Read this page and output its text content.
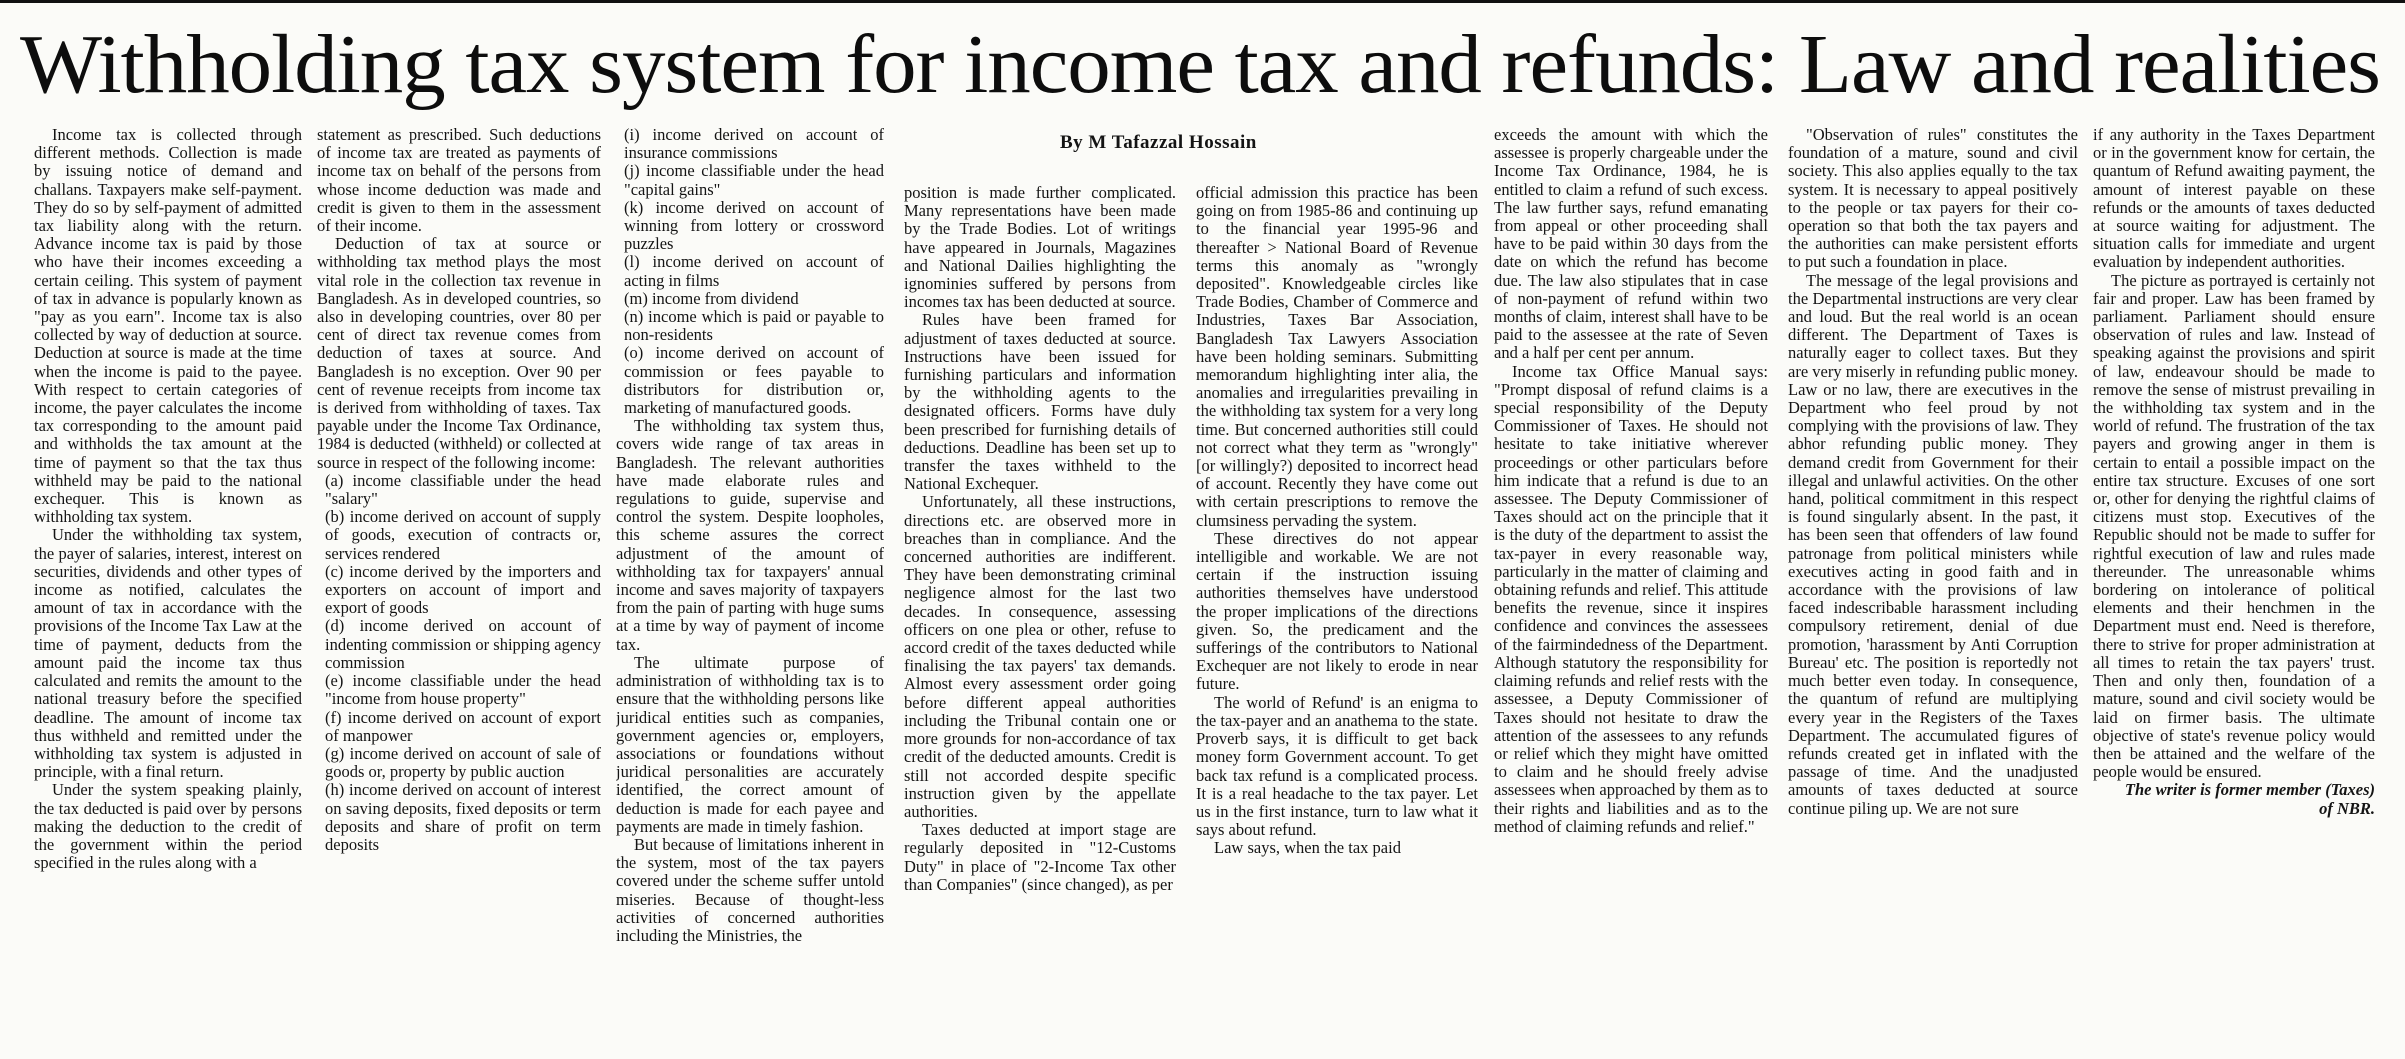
Withholding tax system for income tax and refunds: Law and realities
By M Tafazzal Hossain

Income tax is collected through different methods. Collection is made by issuing notice of demand and challans. Taxpayers make self-payment. They do so by self-payment of admitted tax liability along with the return. Advance income tax is paid by those who have their incomes exceeding a certain ceiling. This system of payment of tax in advance is popularly known as "pay as you earn". Income tax is also collected by way of deduction at source. Deduction at source is made at the time when the income is paid to the payee. With respect to certain categories of income, the payer calculates the income tax corresponding to the amount paid and withholds the tax amount at the time of payment so that the tax thus withheld may be paid to the national exchequer. This is known as withholding tax system.

Under the withholding tax system, the payer of salaries, interest, interest on securities, dividends and other types of income as notified, calculates the amount of tax in accordance with the provisions of the Income Tax Law at the time of payment, deducts from the amount paid the income tax thus calculated and remits the amount to the national treasury before the specified deadline. The amount of income tax thus withheld and remitted under the withholding tax system is adjusted in principle, with a final return.

Under the system speaking plainly, the tax deducted is paid over by persons making the deduction to the credit of the government within the period specified in the rules along with a

statement as prescribed. Such deductions of income tax are treated as payments of income tax on behalf of the persons from whose income deduction was made and credit is given to them in the assessment of their income.

Deduction of tax at source or withholding tax method plays the most vital role in the collection tax revenue in Bangladesh. As in developed countries, so also in developing countries, over 80 per cent of direct tax revenue comes from deduction of taxes at source. And Bangladesh is no exception. Over 90 per cent of revenue receipts from income tax is derived from withholding of taxes. Tax payable under the Income Tax Ordinance, 1984 is deducted (withheld) or collected at source in respect of the following income:

(a) income classifiable under the head "salary"

(b) income derived on account of supply of goods, execution of contracts or, services rendered

(c) income derived by the importers and exporters on account of import and export of goods

(d) income derived on account of indenting commission or shipping agency commission

(e) income classifiable under the head "income from house property"

(f) income derived on account of export of manpower

(g) income derived on account of sale of goods or, property by public auction

(h) income derived on account of interest on saving deposits, fixed deposits or term deposits and share of profit on term deposits

(i) income derived on account of insurance commissions

(j) income classifiable under the head "capital gains"

(k) income derived on account of winning from lottery or crossword puzzles

(l) income derived on account of acting in films

(m) income from dividend

(n) income which is paid or payable to non-residents

(o) income derived on account of commission or fees payable to distributors for distribution or, marketing of manufactured goods.

The withholding tax system thus, covers wide range of tax areas in Bangladesh. The relevant authorities have made elaborate rules and regulations to guide, supervise and control the system. Despite loopholes, this scheme assures the correct adjustment of the amount of withholding tax for taxpayers' annual income and saves majority of taxpayers from the pain of parting with huge sums at a time by way of payment of income tax.

The ultimate purpose of administration of withholding tax is to ensure that the withholding persons like juridical entities such as companies, government agencies or, employers, associations or foundations without juridical personalities are accurately identified, the correct amount of deduction is made for each payee and payments are made in timely fashion.

But because of limitations inherent in the system, most of the tax payers covered under the scheme suffer untold miseries. Because of thought-less activities of concerned authorities including the Ministries, the

position is made further complicated. Many representations have been made by the Trade Bodies. Lot of writings have appeared in Journals, Magazines and National Dailies highlighting the ignominies suffered by persons from incomes tax has been deducted at source.

Rules have been framed for adjustment of taxes deducted at source. Instructions have been issued for furnishing particulars and information by the withholding agents to the designated officers. Forms have duly been prescribed for furnishing details of deductions. Deadline has been set up to transfer the taxes withheld to the National Exchequer.

Unfortunately, all these instructions, directions etc. are observed more in breaches than in compliance. And the concerned authorities are indifferent. They have been demonstrating criminal negligence almost for the last two decades. In consequence, assessing officers on one plea or other, refuse to accord credit of the taxes deducted while finalising the tax payers' tax demands. Almost every assessment order going before different appeal authorities including the Tribunal contain one or more grounds for non-accordance of tax credit of the deducted amounts. Credit is still not accorded despite specific instruction given by the appellate authorities.

Taxes deducted at import stage are regularly deposited in "12-Customs Duty" in place of "2-Income Tax other than Companies" (since changed), as per

official admission this practice has been going on from 1985-86 and continuing up to the financial year 1995-96 and thereafter > National Board of Revenue terms this anomaly as "wrongly deposited". Knowledgeable circles like Trade Bodies, Chamber of Commerce and Industries, Taxes Bar Association, Bangladesh Tax Lawyers Association have been holding seminars. Submitting memorandum highlighting inter alia, the anomalies and irregularities prevailing in the withholding tax system for a very long time. But concerned authorities still could not correct what they term as "wrongly" [or willingly?) deposited to incorrect head of account. Recently they have come out with certain prescriptions to remove the clumsiness pervading the system.

These directives do not appear intelligible and workable. We are not certain if the instruction issuing authorities themselves have understood the proper implications of the directions given. So, the predicament and the sufferings of the contributors to National Exchequer are not likely to erode in near future.

The world of Refund' is an enigma to the tax-payer and an anathema to the state. Proverb says, it is difficult to get back money form Government account. To get back tax refund is a complicated process. It is a real headache to the tax payer. Let us in the first instance, turn to law what it says about refund.

Law says, when the tax paid

exceeds the amount with which the assessee is properly chargeable under the Income Tax Ordinance, 1984, he is entitled to claim a refund of such excess. The law further says, refund emanating from appeal or other proceeding shall have to be paid within 30 days from the date on which the refund has become due. The law also stipulates that in case of non-payment of refund within two months of claim, interest shall have to be paid to the assessee at the rate of Seven and a half per cent per annum.

Income tax Office Manual says: "Prompt disposal of refund claims is a special responsibility of the Deputy Commissioner of Taxes. He should not hesitate to take initiative wherever proceedings or other particulars before him indicate that a refund is due to an assessee. The Deputy Commissioner of Taxes should act on the principle that it is the duty of the department to assist the tax-payer in every reasonable way, particularly in the matter of claiming and obtaining refunds and relief. This attitude benefits the revenue, since it inspires confidence and convinces the assessees of the fairmindedness of the Department. Although statutory the responsibility for claiming refunds and relief rests with the assessee, a Deputy Commissioner of Taxes should not hesitate to draw the attention of the assessees to any refunds or relief which they might have omitted to claim and he should freely advise assessees when approached by them as to their rights and liabilities and as to the method of claiming refunds and relief."

"Observation of rules" constitutes the foundation of a mature, sound and civil society. This also applies equally to the tax system. It is necessary to appeal positively to the people or tax payers for their co-operation so that both the tax payers and the authorities can make persistent efforts to put such a foundation in place.

The message of the legal provisions and the Departmental instructions are very clear and loud. But the real world is an ocean different. The Department of Taxes is naturally eager to collect taxes. But they are very miserly in refunding public money. Law or no law, there are executives in the Department who feel proud by not complying with the provisions of law. They abhor refunding public money. They demand credit from Government for their illegal and unlawful activities. On the other hand, political commitment in this respect is found singularly absent. In the past, it has been seen that offenders of law found patronage from political ministers while executives acting in good faith and in accordance with the provisions of law faced indescribable harassment including compulsory retirement, denial of due promotion, 'harassment by Anti Corruption Bureau' etc. The position is reportedly not much better even today. In consequence, the quantum of refund are multiplying every year in the Registers of the Taxes Department. The accumulated figures of refunds created get in inflated with the passage of time. And the unadjusted amounts of taxes deducted at source continue piling up. We are not sure

if any authority in the Taxes Department or in the government know for certain, the quantum of Refund awaiting payment, the amount of interest payable on these refunds or the amounts of taxes deducted at source waiting for adjustment. The situation calls for immediate and urgent evaluation by independent authorities.

The picture as portrayed is certainly not fair and proper. Law has been framed by parliament. Parliament should ensure observation of rules and law. Instead of speaking against the provisions and spirit of law, endeavour should be made to remove the sense of mistrust prevailing in the withholding tax system and in the world of refund. The frustration of the tax payers and growing anger in them is certain to entail a possible impact on the entire tax structure. Excuses of one sort or, other for denying the rightful claims of citizens must stop. Executives of the Republic should not be made to suffer for rightful execution of law and rules made thereunder. The unreasonable whims bordering on intolerance of political elements and their henchmen in the Department must end. Need is therefore, there to strive for proper administration at all times to retain the tax payers' trust. Then and only then, foundation of a mature, sound and civil society would be laid on firmer basis. The ultimate objective of state's revenue policy would then be attained and the welfare of the people would be ensured.

The writer is former member (Taxes) of NBR.
